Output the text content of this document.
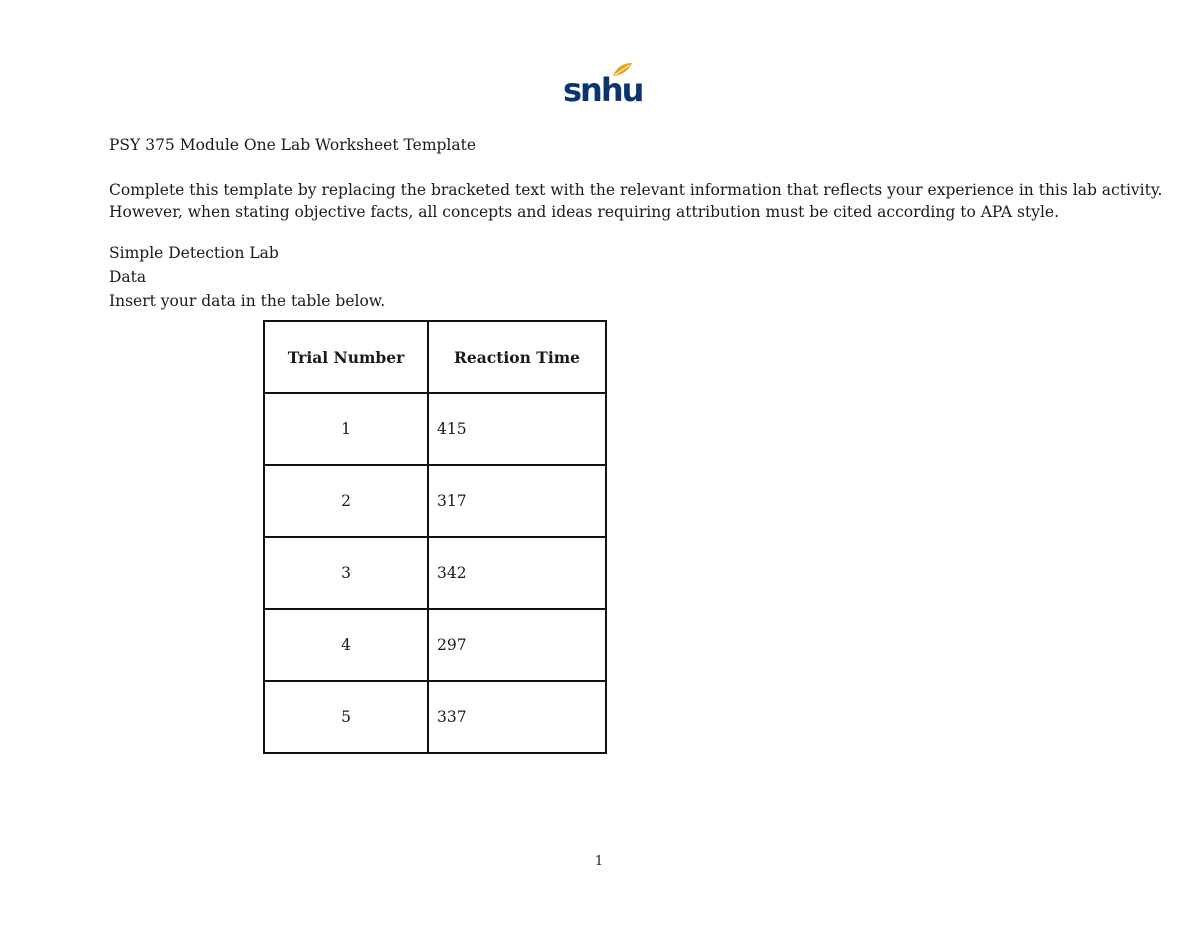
snhu
PSY 375 Module One Lab Worksheet Template
Complete this template by replacing the bracketed text with the relevant information that reflects your experience in this lab activity.
However, when stating objective facts, all concepts and ideas requiring attribution must be cited according to APA style.
Simple Detection Lab
Data
Insert your data in the table below.
Trial Number	Reaction Time
1	415
2	317
3	342
4	297
5	337
1
